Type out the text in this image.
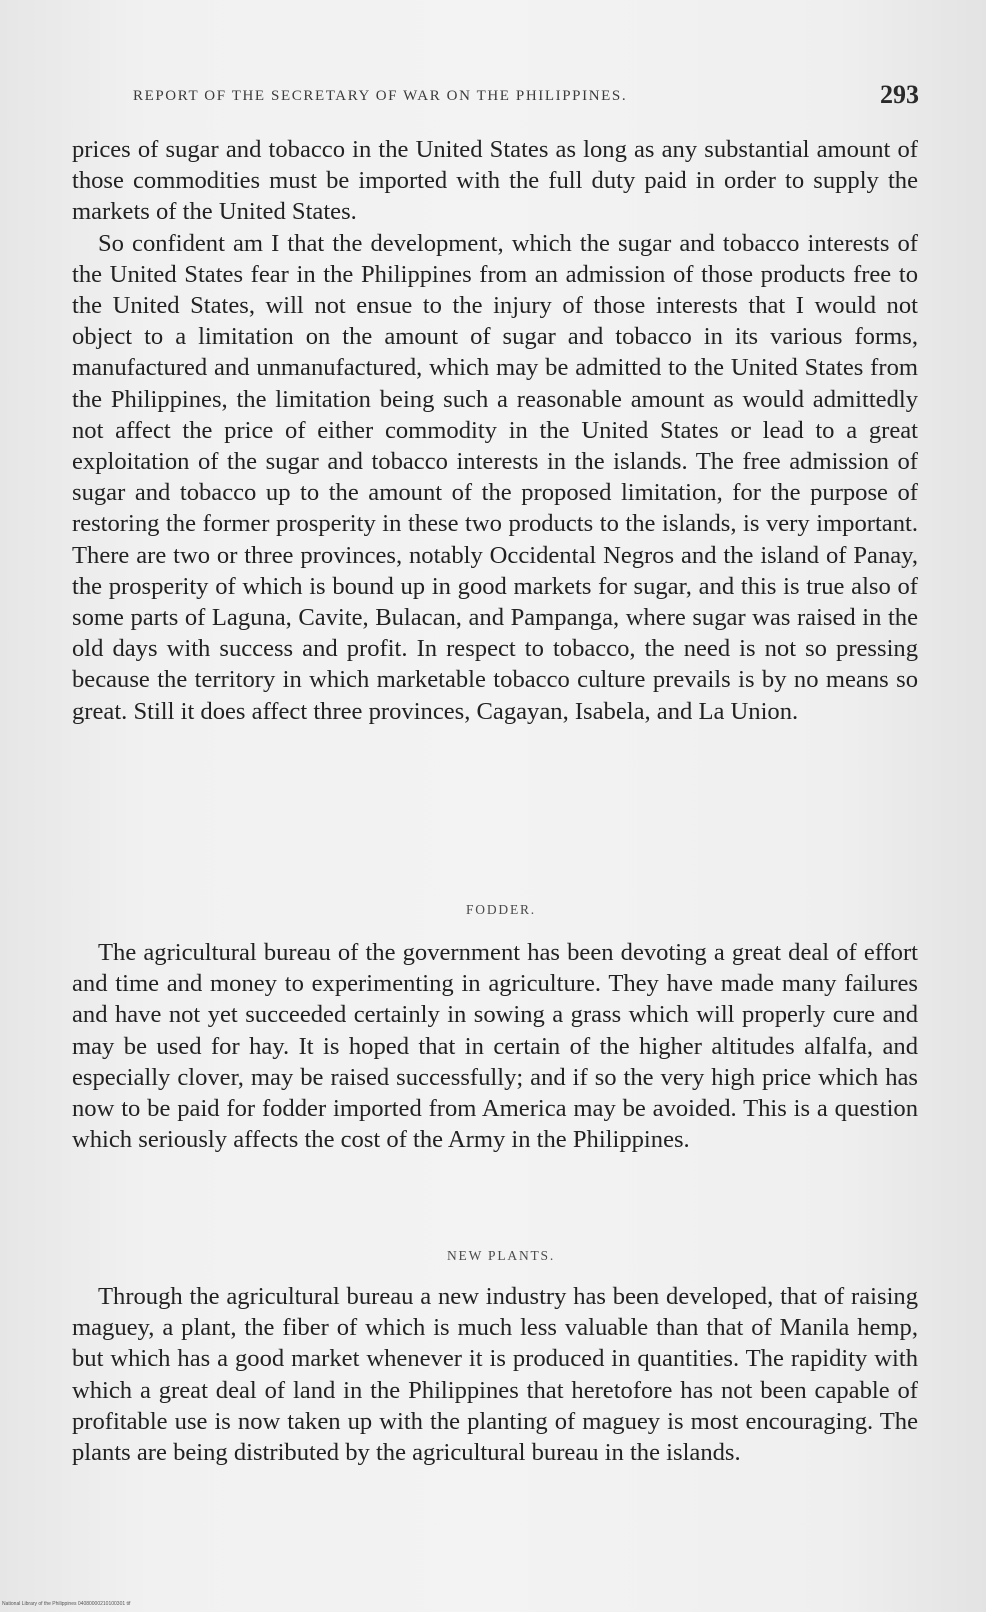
REPORT OF THE SECRETARY OF WAR ON THE PHILIPPINES.	293

prices of sugar and tobacco in the United States as long as any substantial amount of those commodities must be imported with the full duty paid in order to supply the markets of the United States.

So confident am I that the development, which the sugar and tobacco interests of the United States fear in the Philippines from an admission of those products free to the United States, will not ensue to the injury of those interests that I would not object to a limitation on the amount of sugar and tobacco in its various forms, manufactured and unmanufactured, which may be admitted to the United States from the Philippines, the limitation being such a reasonable amount as would admittedly not affect the price of either commodity in the United States or lead to a great exploitation of the sugar and tobacco interests in the islands. The free admission of sugar and tobacco up to the amount of the proposed limitation, for the purpose of restoring the former prosperity in these two products to the islands, is very important. There are two or three provinces, notably Occidental Negros and the island of Panay, the prosperity of which is bound up in good markets for sugar, and this is true also of some parts of Laguna, Cavite, Bulacan, and Pampanga, where sugar was raised in the old days with success and profit. In respect to tobacco, the need is not so pressing because the territory in which marketable tobacco culture prevails is by no means so great. Still it does affect three provinces, Cagayan, Isabela, and La Union.

FODDER.

The agricultural bureau of the government has been devoting a great deal of effort and time and money to experimenting in agriculture. They have made many failures and have not yet succeeded certainly in sowing a grass which will properly cure and may be used for hay. It is hoped that in certain of the higher altitudes alfalfa, and especially clover, may be raised successfully; and if so the very high price which has now to be paid for fodder imported from America may be avoided. This is a question which seriously affects the cost of the Army in the Philippines.

NEW PLANTS.

Through the agricultural bureau a new industry has been developed, that of raising maguey, a plant, the fiber of which is much less valuable than that of Manila hemp, but which has a good market whenever it is produced in quantities. The rapidity with which a great deal of land in the Philippines that heretofore has not been capable of profitable use is now taken up with the planting of maguey is most encouraging. The plants are being distributed by the agricultural bureau in the islands.

National Library of the Philippines 04080000210100301 tif
